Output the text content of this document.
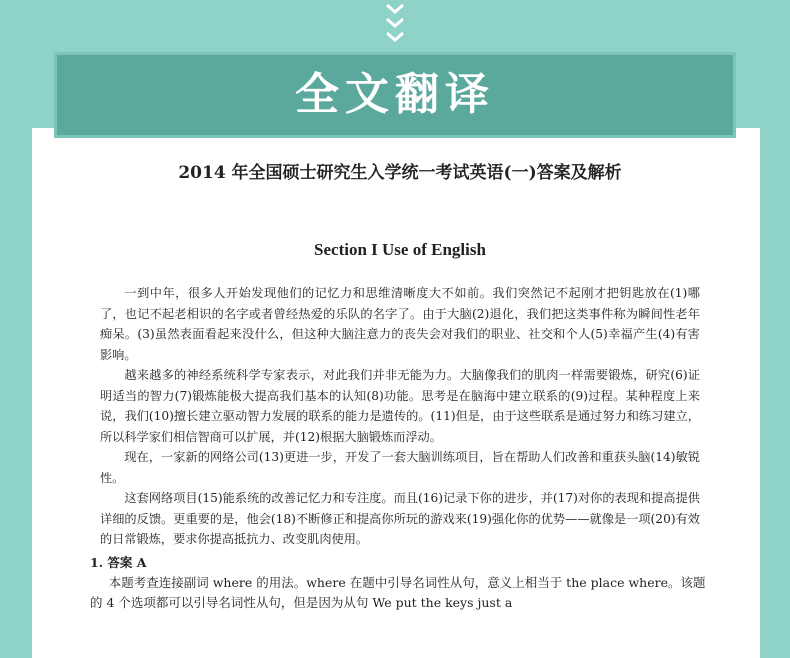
全文翻译
2014 年全国硕士研究生入学统一考试英语(一)答案及解析
Section I Use of English

一到中年，很多人开始发现他们的记忆力和思维清晰度大不如前。我们突然记不起刚才把钥匙放在(1)哪了，也记不起老相识的名字或者曾经热爱的乐队的名字了。由于大脑(2)退化，我们把这类事件称为瞬间性老年痴呆。(3)虽然表面看起来没什么，但这种大脑注意力的丧失会对我们的职业、社交和个人(5)幸福产生(4)有害影响。

越来越多的神经系统科学专家表示，对此我们并非无能为力。大脑像我们的肌肉一样需要锻炼，研究(6)证明适当的智力(7)锻炼能极大提高我们基本的认知(8)功能。思考是在脑海中建立联系的(9)过程。某种程度上来说，我们(10)擅长建立驱动智力发展的联系的能力是遗传的。(11)但是，由于这些联系是通过努力和练习建立，所以科学家们相信智商可以扩展，并(12)根据大脑锻炼而浮动。

现在，一家新的网络公司(13)更进一步，开发了一套大脑训练项目，旨在帮助人们改善和重获头脑(14)敏锐性。

这套网络项目(15)能系统的改善记忆力和专注度。而且(16)记录下你的进步，并(17)对你的表现和提高提供详细的反馈。更重要的是，他会(18)不断修正和提高你所玩的游戏来(19)强化你的优势——就像是一项(20)有效的日常锻炼，要求你提高抵抗力、改变肌肉使用。

1. 答案 A

本题考查连接副词 where 的用法。where 在题中引导名词性从句，意义上相当于 the place where。该题的 4 个选项都可以引导名词性从句，但是因为从句 We put the keys just a
